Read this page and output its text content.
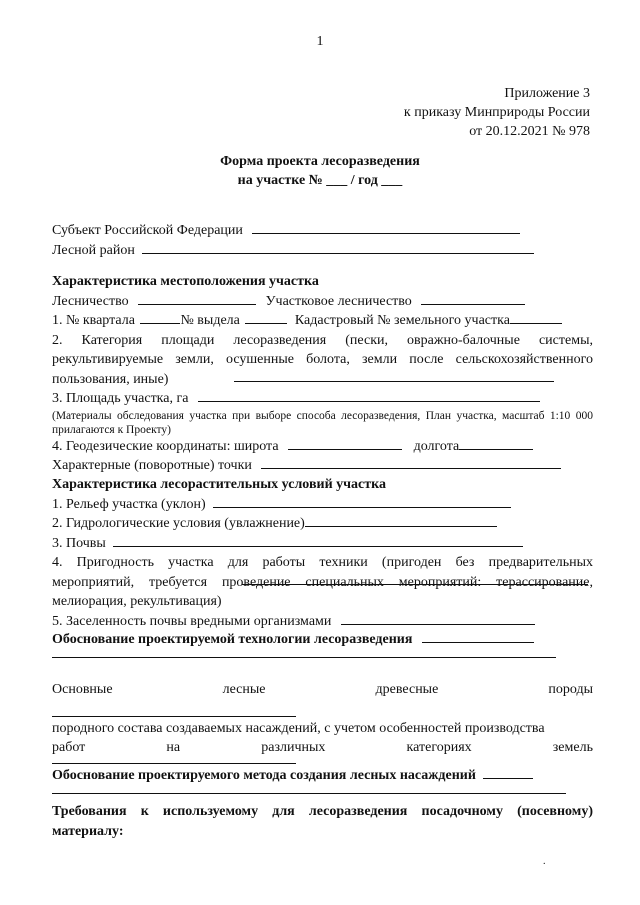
1
Приложение 3
к приказу Минприроды России
от 20.12.2021 № 978
Форма проекта лесоразведения
на участке № ___ / год ___
Субъект Российской Федерации
Лесной район
Характеристика местоположения участка
Лесничество	Участковое лесничество
1. № квартала	№ выдела	Кадастровый № земельного участка
2. Категория площади лесоразведения (пески, овражно-балочные системы, рекультивируемые земли, осушенные болота, земли после сельскохозяйственного пользования, иные)
3. Площадь участка, га
(Материалы обследования участка при выборе способа лесоразведения, План участка, масштаб 1:10 000 прилагаются к Проекту)
4. Геодезические координаты: широта	долгота
Характерные (поворотные) точки
Характеристика лесорастительных условий участка
1. Рельеф участка (уклон)
2. Гидрологические условия (увлажнение)
3. Почвы
4. Пригодность участка для работы техники (пригоден без предварительных мероприятий, требуется проведение специальных мероприятий: терасcирование, мелиорация, рекультивация)
5. Заселенность почвы вредными организмами
Обоснование проектируемой технологии лесоразведения
Основные	лесные	древесные	породы
породного состава создаваемых насаждений, с учетом особенностей производства
работ	на	различных	категориях	земель
Обоснование проектируемого метода создания лесных насаждений
Требования к используемому для лесоразведения посадочному (посевному) материалу:
.
